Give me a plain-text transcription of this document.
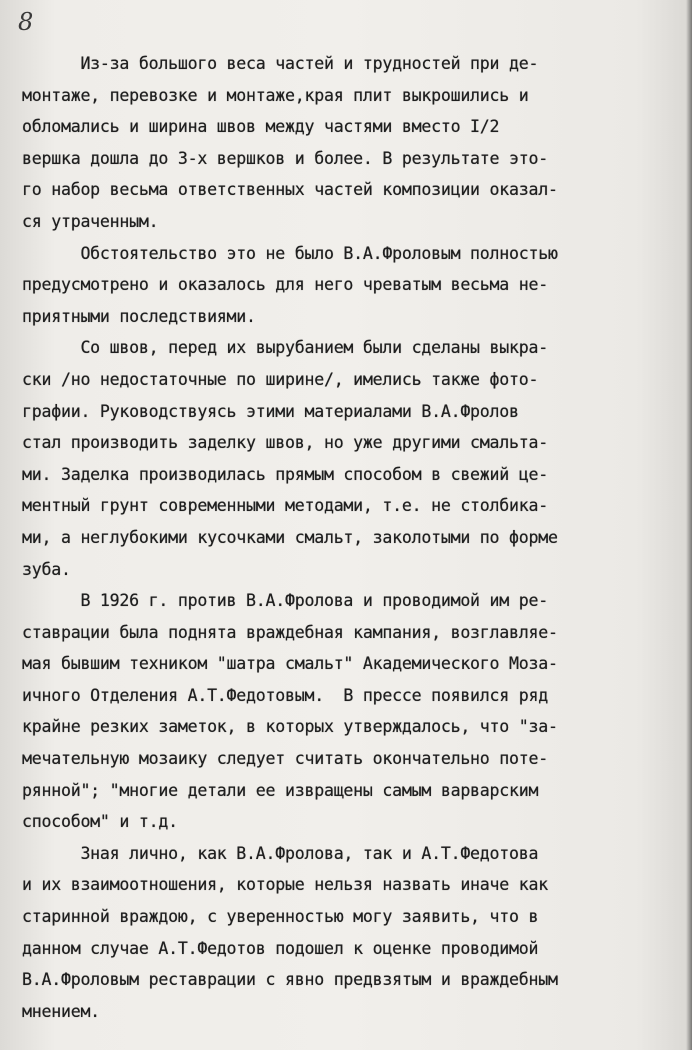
8
Из-за большого веса частей и трудностей при де-
монтаже, перевозке и монтаже,края плит выкрошились и
обломались и ширина швов между частями вместо I/2
вершка дошла до 3-х вершков и более. В результате это-
го набор весьма ответственных частей композиции оказал-
ся утраченным.
Обстоятельство это не было В.А.Фроловым полностью
предусмотрено и оказалось для него чреватым весьма не-
приятными последствиями.
Со швов, перед их вырубанием были сделаны выкра-
ски /но недостаточные по ширине/, имелись также фото-
графии. Руководствуясь этими материалами В.А.Фролов
стал производить заделку швов, но уже другими смальта-
ми. Заделка производилась прямым способом в свежий це-
ментный грунт современными методами, т.е. не столбика-
ми, а неглубокими кусочками смальт, заколотыми по форме
зуба.
В 1926 г. против В.А.Фролова и проводимой им ре-
ставрации была поднята враждебная кампания, возглавляе-
мая бывшим техником "шатра смальт" Академического Моза-
ичного Отделения А.Т.Федотовым.  В прессе появился ряд
крайне резких заметок, в которых утверждалось, что "за-
мечательную мозаику следует считать окончательно поте-
рянной"; "многие детали ее извращены самым варварским
способом" и т.д.
Зная лично, как В.А.Фролова, так и А.Т.Федотова
и их взаимоотношения, которые нельзя назвать иначе как
старинной враждою, с уверенностью могу заявить, что в
данном случае А.Т.Федотов подошел к оценке проводимой
В.А.Фроловым реставрации с явно предвзятым и враждебным
мнением.
